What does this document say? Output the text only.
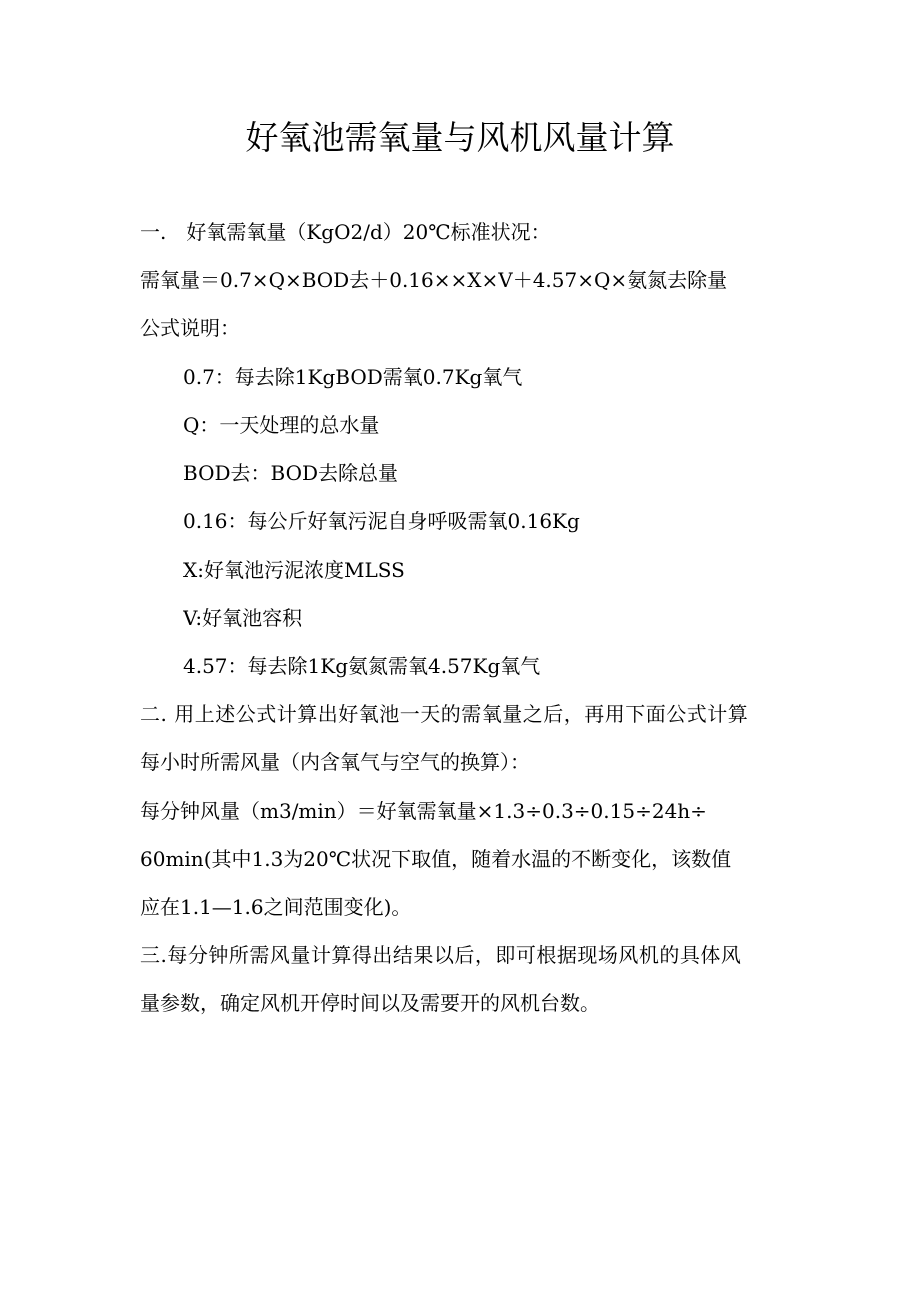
好氧池需氧量与风机风量计算
一.　好氧需氧量（KgO2/d）20℃标准状况：
需氧量＝0.7×Q×BOD去＋0.16××X×V＋4.57×Q×氨氮去除量
公式说明：
0.7：每去除1KgBOD需氧0.7Kg氧气
Q：一天处理的总水量
BOD去：BOD去除总量
0.16：每公斤好氧污泥自身呼吸需氧0.16Kg
X:好氧池污泥浓度MLSS
V:好氧池容积
4.57：每去除1Kg氨氮需氧4.57Kg氧气
二. 用上述公式计算出好氧池一天的需氧量之后，再用下面公式计算
每小时所需风量（内含氧气与空气的换算）：
每分钟风量（m3/min）＝好氧需氧量×1.3÷0.3÷0.15÷24h÷
60min(其中1.3为20℃状况下取值，随着水温的不断变化，该数值
应在1.1—1.6之间范围变化)。
三.每分钟所需风量计算得出结果以后，即可根据现场风机的具体风
量参数，确定风机开停时间以及需要开的风机台数。
